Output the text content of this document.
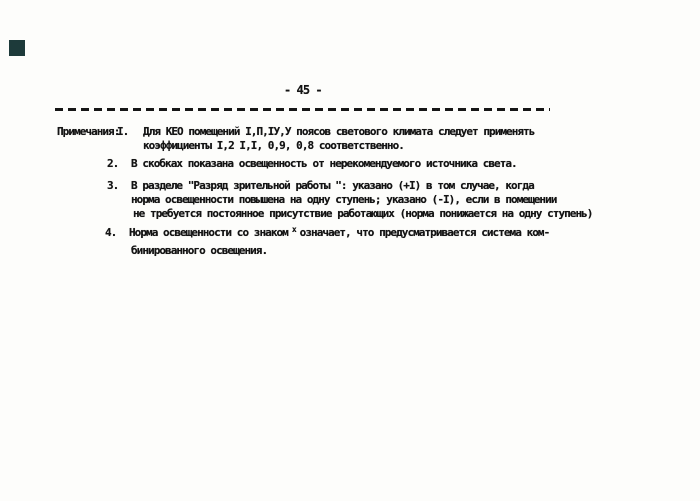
- 45 -
Примечания:
I. Для КЕО помещений I,П,IУ,У поясов светового климата следует применять
коэффициенты I,2 I,I, 0,9, 0,8 соответственно.
2. В скобках показана освещенность от нерекомендуемого источника света.
3. В разделе "Разряд зрительной работы ": указано (+I) в том случае, когда
норма освещенности повышена на одну ступень; указано (-I), если в помещении
не требуется постоянное присутствие работающих (норма понижается на одну ступень)
4. Норма освещенности со знаком x означает, что предусматривается система ком-
бинированного освещения.
